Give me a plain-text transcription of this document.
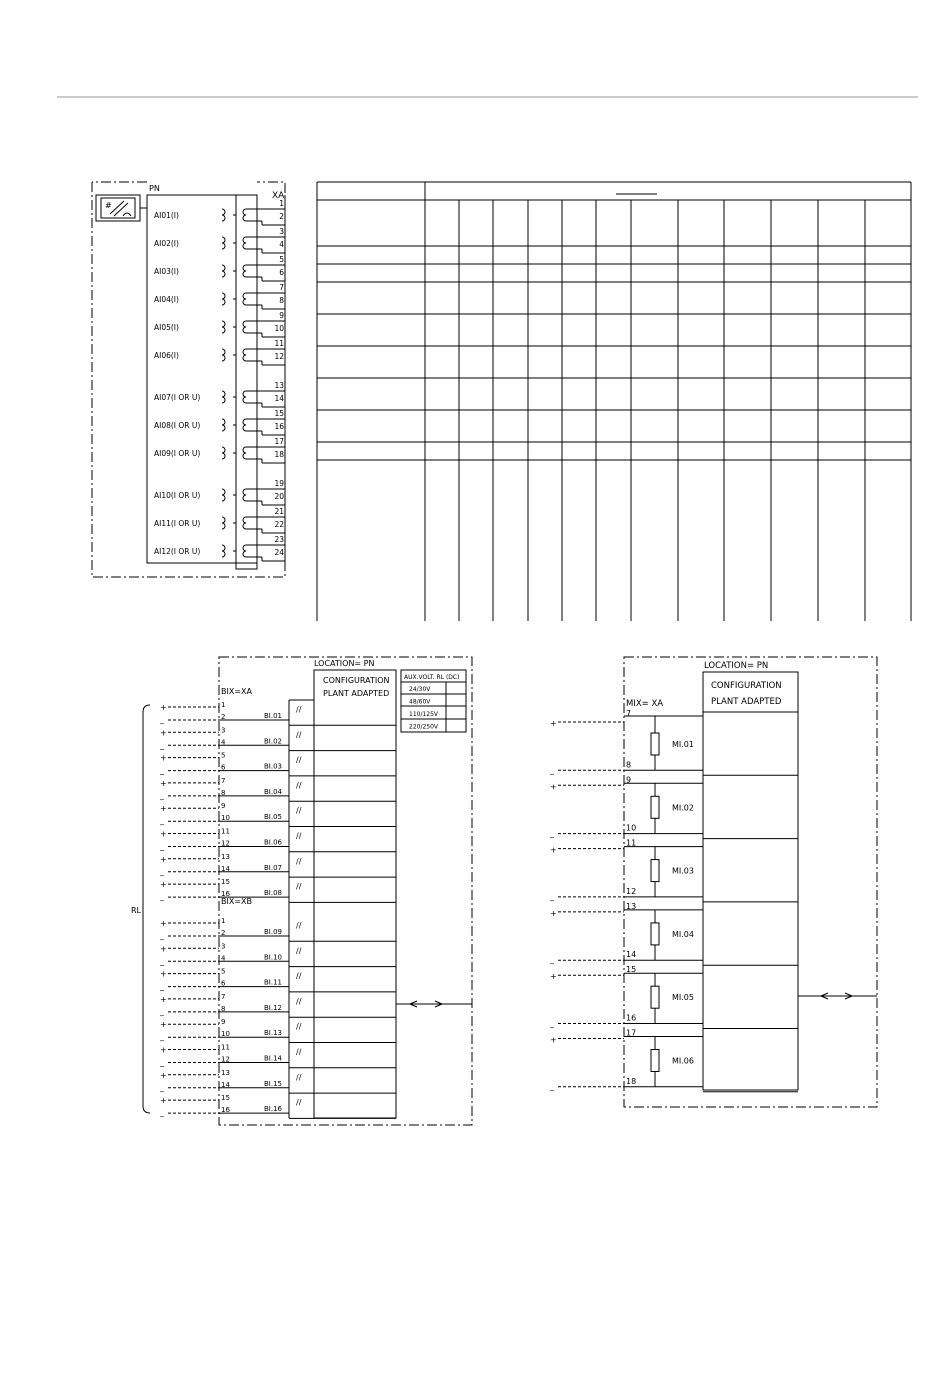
PN
#
XA
AI01(I)
1
2
AI02(I)
3
4
AI03(I)
5
6
AI04(I)
7
8
AI05(I)
9
10
AI06(I)
11
12
AI07(I OR U)
13
14
AI08(I OR U)
15
16
AI09(I OR U)
17
18
AI10(I OR U)
19
20
AI11(I OR U)
21
22
AI12(I OR U)
23
24
LOCATION= PN
CONFIGURATION
PLANT ADAPTED
AUX.VOLT. RL (DC)
24/30V
48/60V
110/125V
220/250V
RL
BIX=XA
1
2	BI.01
//
+
_
3
4	BI.02
//
+
_
5
6	BI.03
//
+
_
7
8	BI.04
//
+
_
9
10	BI.05
//
+
_
11
12	BI.06
//
+
_
13
14	BI.07
//
+
_
15
16	BI.08
//
+
_
BIX=XB
1
2	BI.09
//
+
_
3
4	BI.10
//
+
_
5
6	BI.11
//
+
_
7
8	BI.12
//
+
_
9
10	BI.13
//
+
_
11
12	BI.14
//
+
_
13
14	BI.15
//
+
_
15
16	BI.16
//
+
_
LOCATION= PN
CONFIGURATION
PLANT ADAPTED
MIX= XA
7
8
MI.01
+
_
9
10
MI.02
+
_
11
12
MI.03
+
_
13
14
MI.04
+
_
15
16
MI.05
+
_
17
18
MI.06
+
_
